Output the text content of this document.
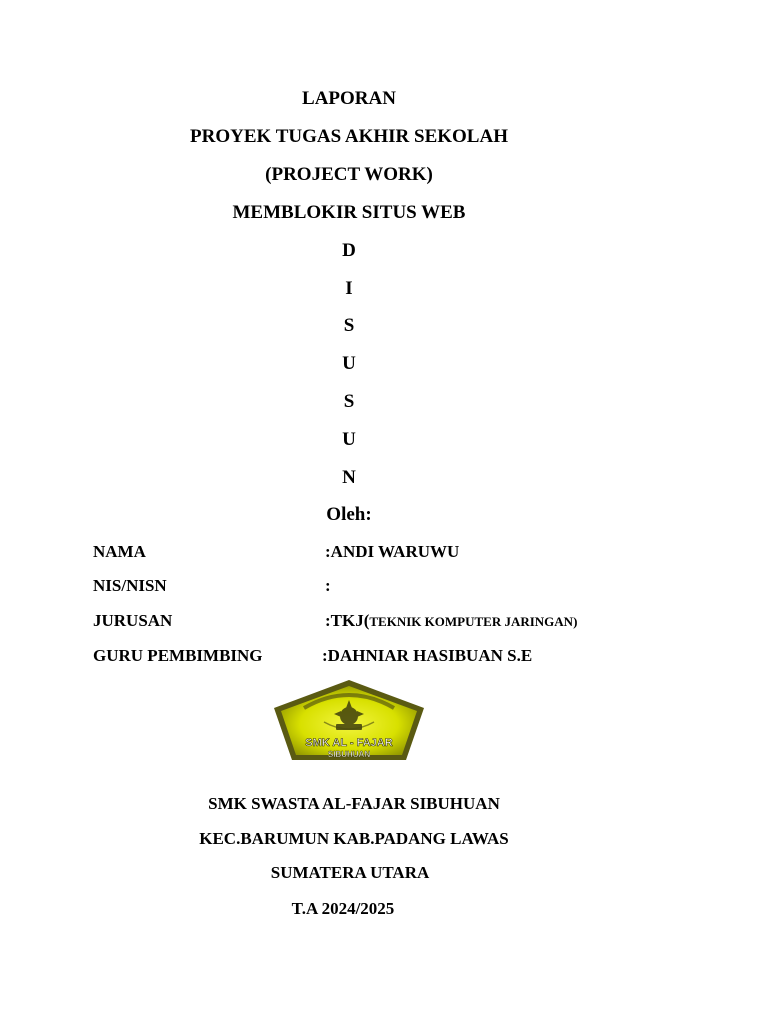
LAPORAN
PROYEK TUGAS AKHIR SEKOLAH
(PROJECT WORK)
MEMBLOKIR SITUS WEB
D
I
S
U
S
U
N
Oleh:
NAMA	:ANDI WARUWU
NIS/NISN	:
JURUSAN	:TKJ(TEKNIK KOMPUTER JARINGAN)
GURU PEMBIMBING	:DAHNIAR HASIBUAN S.E
SMK AL - FAJAR
SIBUHUAN
SMK SWASTA AL-FAJAR SIBUHUAN
KEC.BARUMUN KAB.PADANG LAWAS
SUMATERA UTARA
T.A 2024/2025
